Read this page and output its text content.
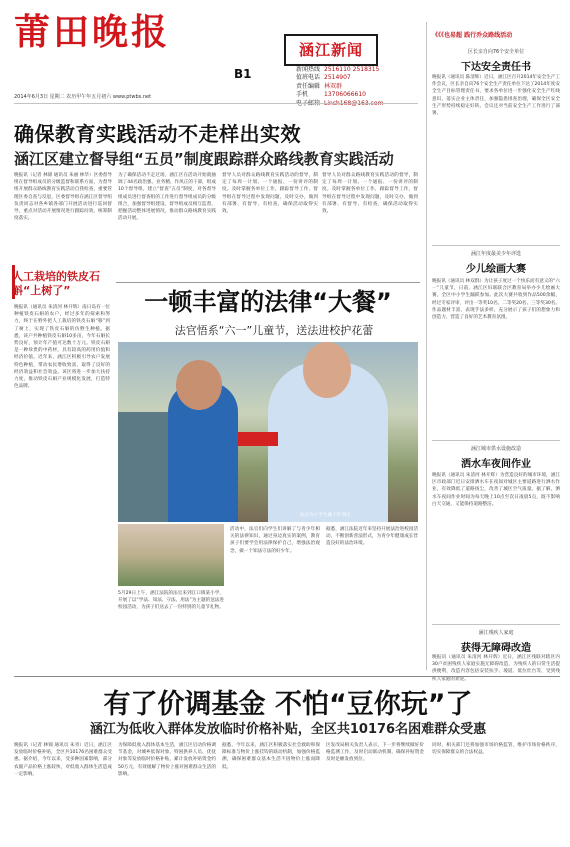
莆田晚报
B1
涵江新闻
新闻热线 2516110 2518315
值班电话 2514907
责任编辑 林双群
手机	13706066610
2014年6月3日 星期二 农历甲午年五月初六 www.ptwbs.net
《《《也易超 践行乔众路线活动
确保教育实践活动不走样出实效
涵江区建立督导组“五员”制度跟踪群众路线教育实践活动
晚报讯（记者 林锦 通讯员 朱丽 林华）区委督导组在督导组成员的分级监督和联系方面，为督导组开展群众路线教育实践活动自我检查，重要管理区委自查与反思，区委督导组在涵江区督导组负责同志对各乡镇各部门开展活动进行巡回督导，重点对活动开展情况进行跟踪问效，统筹制度落实。
为了确保活动不走过场，涵江区在活动开始就抽调了44名政治强、业务精、作风正的干部，组成10个督导组，建立“督查”五员“制度，对各督导组成员进行督查组的工作进行督导组成员的分级组合，加强督导组建设，督导组成员相互监督，把握活动整体进展情况，推动群众路线教育实践活动开展。
督导人员对群众路线教育实践活动的督导，制定了每周一计划、一个通报、一份讲评的制度。及时掌握各单位工作，跟踪督导工作，督导组在督导过程中发现问题，及时交办，做到有部署、有督导、有检查，确保活动取得实效。
督导人员对群众路线教育实践活动的督导，制定了每周一计划、一个通报、一份讲评的制度。及时掌握各单位工作，跟踪督导工作，督导组在督导过程中发现问题，及时交办，做到有部署、有督导、有检查，确保活动取得实效。
人工栽培的铁皮石斛“上树了”
晚报讯（通讯员 朱清河 林开辉）南日岛有一位种植铁皮石斛的农户，经过多年的探索和努力，终于在野外把人工栽培的铁皮石斛“移”到了树上，实现了铁皮石斛的仿野生种植。据悉，该户共种植铁皮石斛10多亩，今年石斛长势良好，预计年产值可达数十万元。铁皮石斛是一种珍贵的中药材，具有较高的药用价值和经济价值。近年来，涵江区积极引导农户发展特色种植，带动农民增收致富，取得了良好的经济效益和社会效益。该区将进一步加大扶持力度，推动铁皮石斛产业规模化发展，打造特色品牌。
一顿丰富的法律“大餐”
法官悟系“六一”儿童节，送法进校护花蕾
法官为小学生戴上红领巾
5月29日上午，涵江法院的法官来到江口镇某小学，开展了以“学法、知法、守法、用法”为主题的送法进校园活动，为孩子们送去了一份特别的儿童节礼物。
活动中，法官们向学生们讲解了与青少年相关的法律知识，通过身边真实的案例，教育孩子们要学会用法律保护自己，增强法治观念，做一个知法守法的好少年。
据悉，涵江法院近年来坚持开展法治进校园活动，不断创新普法形式，为青少年健康成长营造良好的法治环境。
区长亲自向76个安全单位
下达安全责任书
晚报讯（通讯员 陈清辉）近日，涵江区召开2014年安全生产工作会议，区长亲自向76个安全生产责任单位下达了2014年度安全生产目标管理责任书，要求各单位进一步强化安全生产红线意识，落实企业主体责任，加强隐患排查治理，确保全区安全生产形势持续稳定好转。会议还对当前安全生产工作进行了部署。
涵江年度最美少年评选
少儿绘画大赛
晚报讯（通讯员 林双群）为让孩子度过一个快乐而有意义的“六一”儿童节，日前，涵江区妇联联合区教育局举办少儿绘画大赛，全区中小学生踊跃参加。此次大赛共收到作品500余幅，经过专家评审，评出一等奖10名、二等奖20名、三等奖30名。作品题材丰富，表现手法多样，充分展示了孩子们的想象力和创造力，营造了良好的艺术教育氛围。
涵江城市供水设施改造
洒水车夜间作业
晚报讯（通讯员 朱清河 林开辉）为营造良好的城市环境，涵江区市政部门近日安排洒水车在夜间对城区主要道路进行洒水作业，有效降低了道路扬尘，改善了城区空气质量。据了解，洒水车夜间作业时间为每天晚上10点至次日凌晨5点，既不影响白天交通，又能保持道路整洁。
涵江残疾人家庭
获得无障碍改造
晚报讯（通讯员 朱清河 林开辉）近日，涵江区残联对辖区内30户贫困残疾人家庭实施无障碍改造，为残疾人的日常生活提供便利，改造内容包括安装扶手、坡道、低位灶台等，受到残疾人家庭的欢迎。
有了价调基金 不怕“豆你玩”了
涵江为低收入群体发放临时价格补贴，全区共10176名困难群众受惠
晚报讯（记者 林锦 通讯员 朱青）近日，涵江区发放临时价格补贴，全区共10176名困难群众受惠。据介绍，今年以来，受多种因素影响，部分农副产品价格上涨较快，对低收入群体生活造成一定影响。
为保障低收入群体基本生活，涵江区启动价格调节基金，对城乡低保对象、特困供养人员、优抚对象等发放临时价格补贴，累计发放补贴资金约50万元，有效缓解了物价上涨对困难群众生活的影响。
据悉，今年以来，涵江区积极落实社会救助和保障标准与物价上涨挂钩的联动机制，加强价格监测，确保困难群众基本生活不因物价上涨而降低。
区发改局相关负责人表示，下一步将继续做好价格监测工作，及时启动联动机制，确保补贴资金及时足额发放到位。
同时，相关部门还将加强市场价格监管，维护市场价格秩序，切实保障群众的合法权益。
